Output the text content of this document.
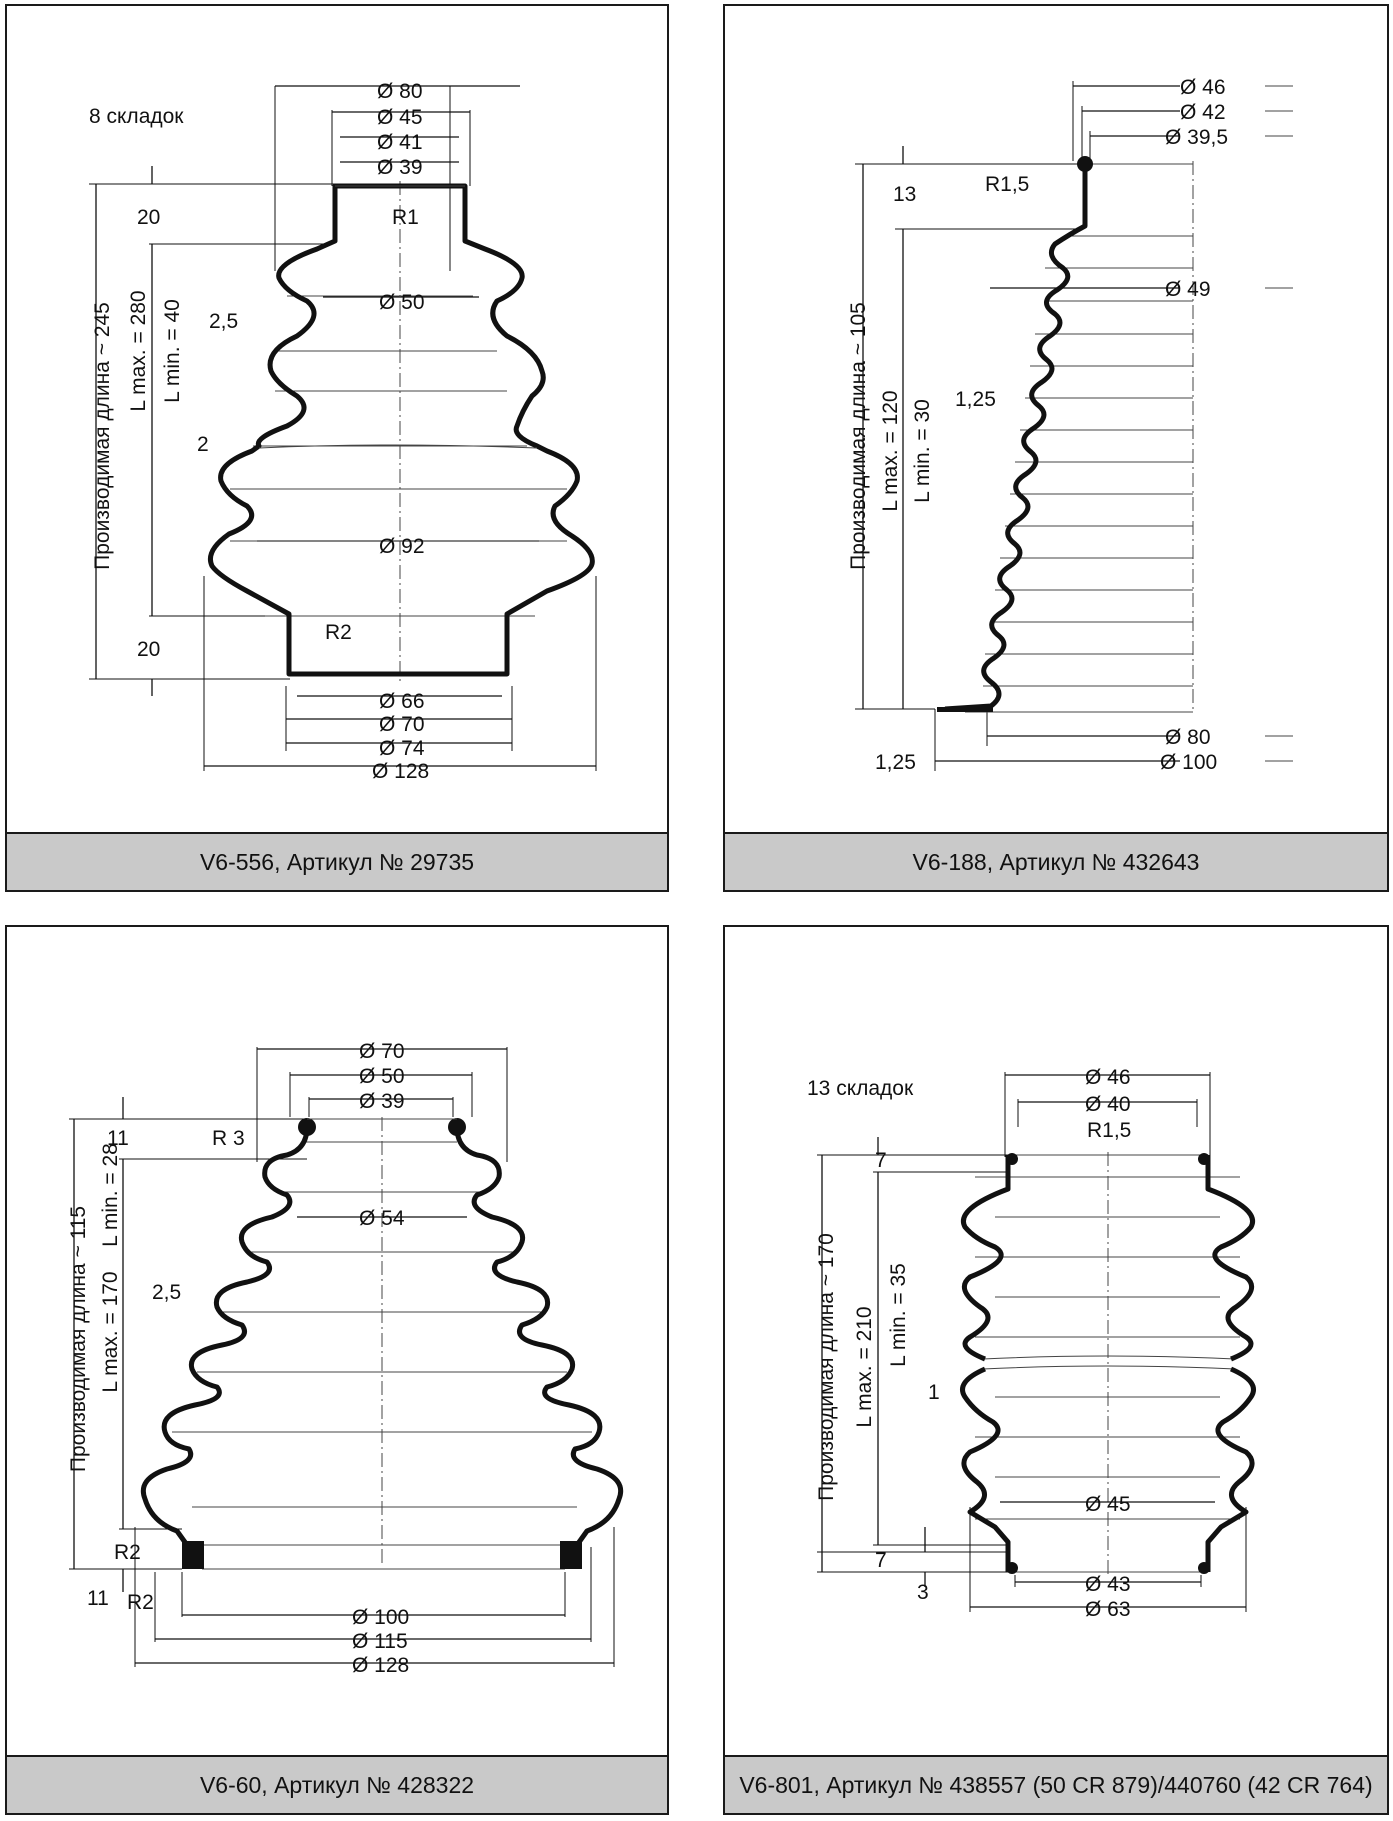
8 складок
Ø 80
Ø 45
Ø 41
Ø 39
Ø 50
Ø 92
Ø 66
Ø 70
Ø 74
Ø 128
R1
R2
20
20
2,5
2
Производимая длина ~ 245 L max. = 280 L min. = 40
V6-556, Артикул № 29735
Ø 46
Ø 42
Ø 39,5
Ø 49
Ø 80
Ø 100
R1,5
13
1,25
1,25
Производимая длина ~ 105 L max. = 120 L min. = 30
V6-188, Артикул № 432643
Ø 70
Ø 50
Ø 39
Ø 54
Ø 100
Ø 115
Ø 128
R 3
R2
R2
11
11
2,5
Производимая длина ~ 115 L max. = 170
L min. = 28
V6-60, Артикул № 428322
13 складок	Ø 46
Ø 40
Ø 45
Ø 43
Ø 63
R1,5
7
7
3
1
Производимая длина ~ 170 L max. = 210 L min. = 35
V6-801, Артикул № 438557 (50 CR 879)/440760 (42 CR 764)
